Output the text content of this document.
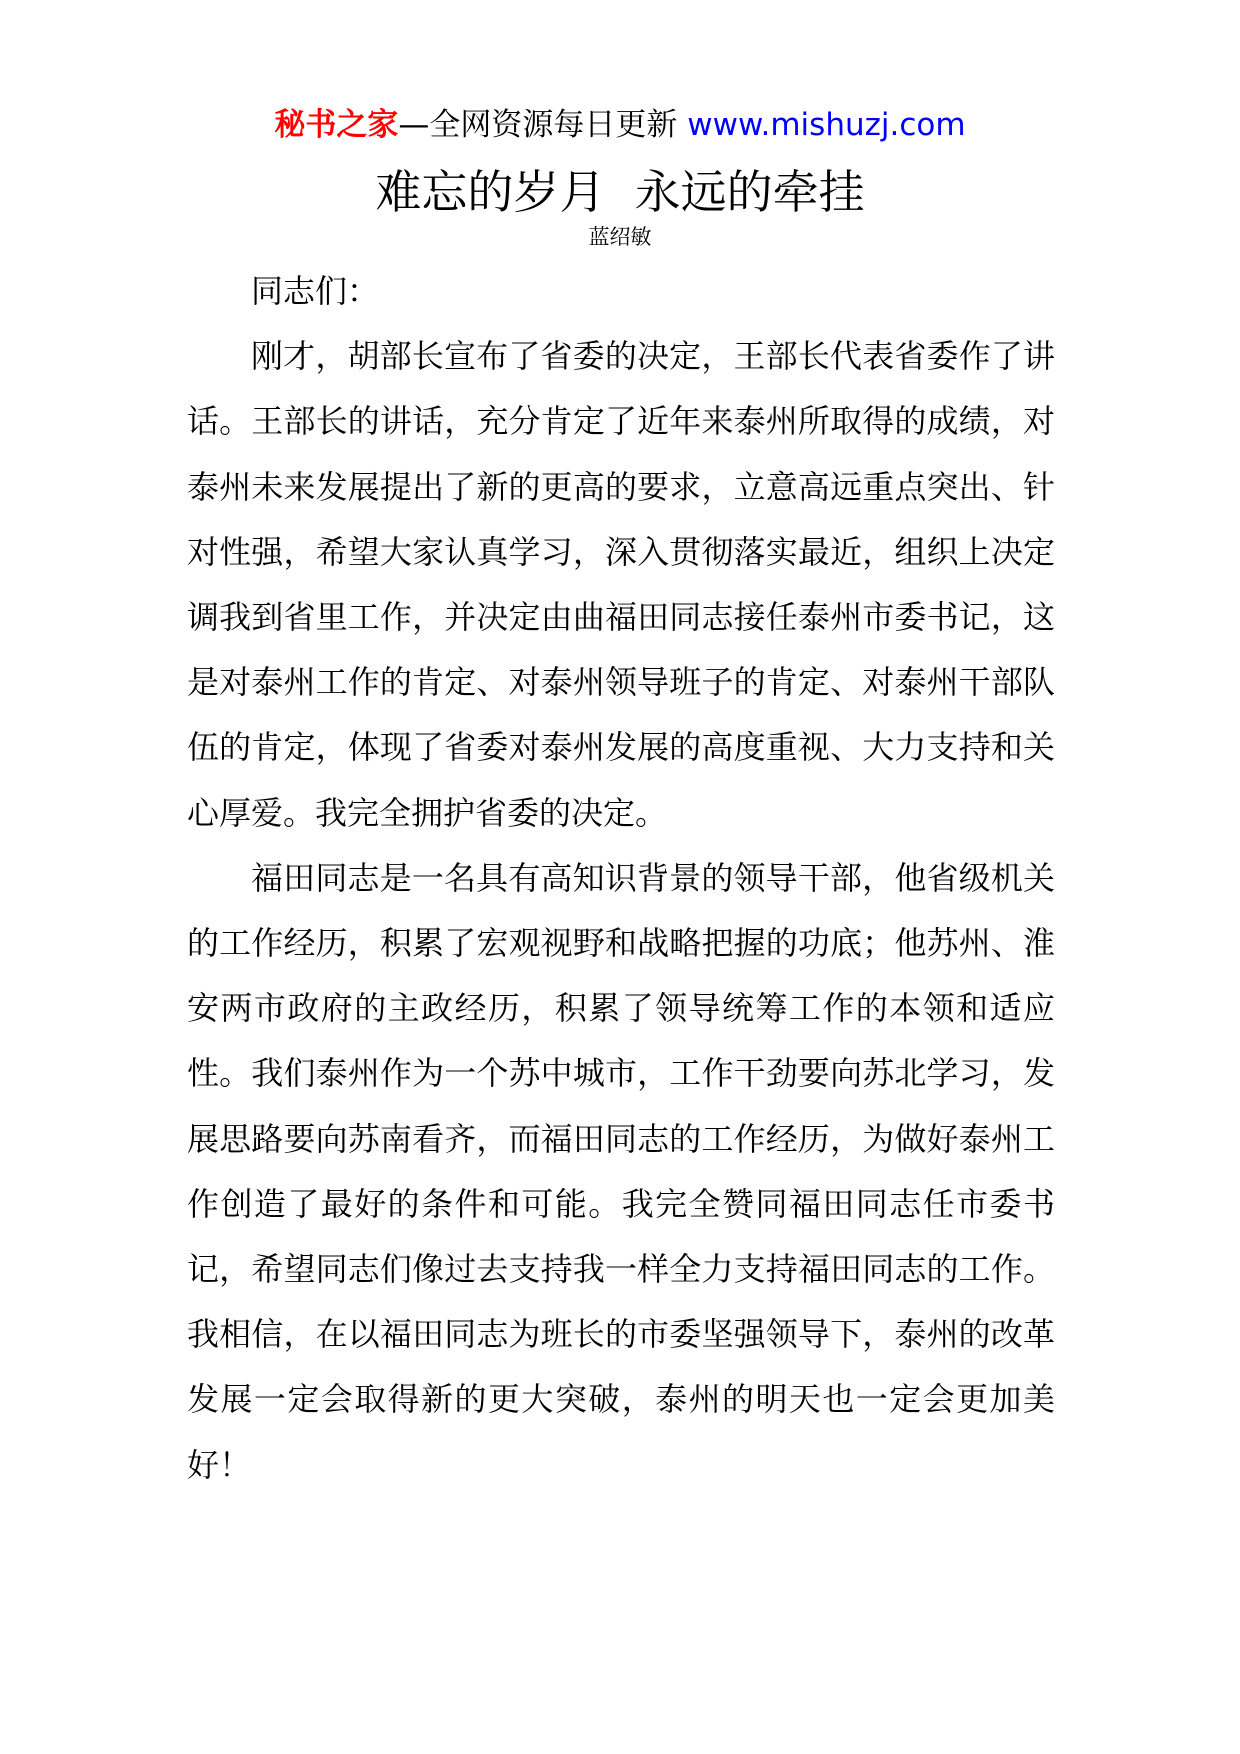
秘书之家—全网资源每日更新 www.mishuzj.com
难忘的岁月  永远的牵挂
蓝绍敏

同志们：

刚才，胡部长宣布了省委的决定，王部长代表省委作了讲话。王部长的讲话，充分肯定了近年来泰州所取得的成绩，对泰州未来发展提出了新的更高的要求，立意高远重点突出、针对性强，希望大家认真学习，深入贯彻落实最近，组织上决定调我到省里工作，并决定由曲福田同志接任泰州市委书记，这是对泰州工作的肯定、对泰州领导班子的肯定、对泰州干部队伍的肯定，体现了省委对泰州发展的高度重视、大力支持和关心厚爱。我完全拥护省委的决定。

福田同志是一名具有高知识背景的领导干部，他省级机关的工作经历，积累了宏观视野和战略把握的功底；他苏州、淮安两市政府的主政经历，积累了领导统筹工作的本领和适应性。我们泰州作为一个苏中城市，工作干劲要向苏北学习，发展思路要向苏南看齐，而福田同志的工作经历，为做好泰州工作创造了最好的条件和可能。我完全赞同福田同志任市委书记，希望同志们像过去支持我一样全力支持福田同志的工作。我相信，在以福田同志为班长的市委坚强领导下，泰州的改革发展一定会取得新的更大突破，泰州的明天也一定会更加美好！
